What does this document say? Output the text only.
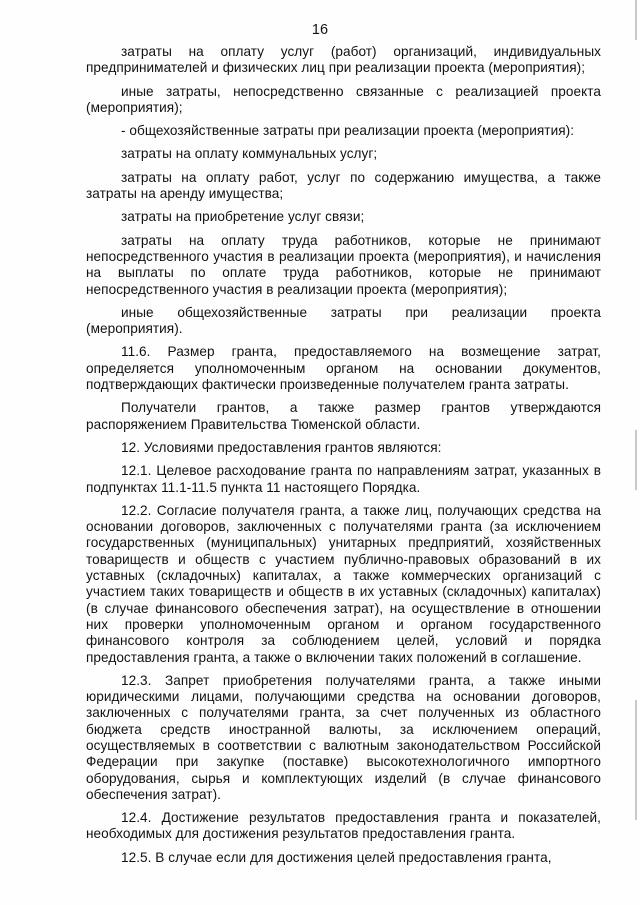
16

затраты на оплату услуг (работ) организаций, индивидуальных предпринимателей и физических лиц при реализации проекта (мероприятия);

иные затраты, непосредственно связанные с реализацией проекта (мероприятия);

- общехозяйственные затраты при реализации проекта (мероприятия):

затраты на оплату коммунальных услуг;

затраты на оплату работ, услуг по содержанию имущества, а также затраты на аренду имущества;

затраты на приобретение услуг связи;

затраты на оплату труда работников, которые не принимают непосредственного участия в реализации проекта (мероприятия), и начисления на выплаты по оплате труда работников, которые не принимают непосредственного участия в реализации проекта (мероприятия);

иные общехозяйственные затраты при реализации проекта (мероприятия).

11.6. Размер гранта, предоставляемого на возмещение затрат, определяется уполномоченным органом на основании документов, подтверждающих фактически произведенные получателем гранта затраты.

Получатели грантов, а также размер грантов утверждаются распоряжением Правительства Тюменской области.

12. Условиями предоставления грантов являются:

12.1. Целевое расходование гранта по направлениям затрат, указанных в подпунктах 11.1-11.5 пункта 11 настоящего Порядка.

12.2. Согласие получателя гранта, а также лиц, получающих средства на основании договоров, заключенных с получателями гранта (за исключением государственных (муниципальных) унитарных предприятий, хозяйственных товариществ и обществ с участием публично-правовых образований в их уставных (складочных) капиталах, а также коммерческих организаций с участием таких товариществ и обществ в их уставных (складочных) капиталах) (в случае финансового обеспечения затрат), на осуществление в отношении них проверки уполномоченным органом и органом государственного финансового контроля за соблюдением целей, условий и порядка предоставления гранта, а также о включении таких положений в соглашение.

12.3. Запрет приобретения получателями гранта, а также иными юридическими лицами, получающими средства на основании договоров, заключенных с получателями гранта, за счет полученных из областного бюджета средств иностранной валюты, за исключением операций, осуществляемых в соответствии с валютным законодательством Российской Федерации при закупке (поставке) высокотехнологичного импортного оборудования, сырья и комплектующих изделий (в случае финансового обеспечения затрат).

12.4. Достижение результатов предоставления гранта и показателей, необходимых для достижения результатов предоставления гранта.

12.5. В случае если для достижения целей предоставления гранта,
